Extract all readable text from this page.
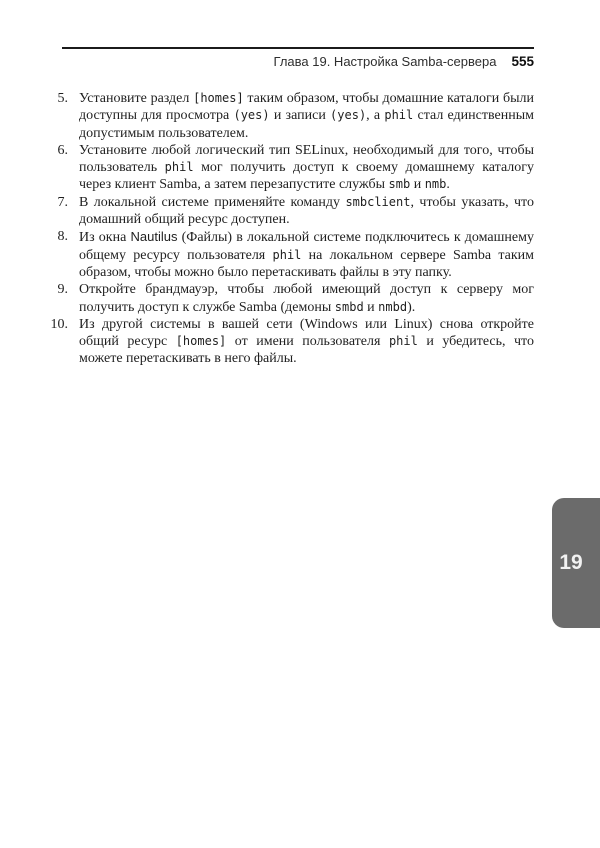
Глава 19. Настройка Samba-сервера 555
5. Установите раздел [homes] таким образом, чтобы домашние каталоги были доступны для просмотра (yes) и записи (yes), а phil стал единственным допустимым пользователем.
6. Установите любой логический тип SELinux, необходимый для того, чтобы пользователь phil мог получить доступ к своему домашнему каталогу через клиент Samba, а затем перезапустите службы smb и nmb.
7. В локальной системе применяйте команду smbclient, чтобы указать, что домашний общий ресурс доступен.
8. Из окна Nautilus (Файлы) в локальной системе подключитесь к домашнему общему ресурсу пользователя phil на локальном сервере Samba таким образом, чтобы можно было перетаскивать файлы в эту папку.
9. Откройте брандмауэр, чтобы любой имеющий доступ к серверу мог получить доступ к службе Samba (демоны smbd и nmbd).
10. Из другой системы в вашей сети (Windows или Linux) снова откройте общий ресурс [homes] от имени пользователя phil и убедитесь, что можете перетаскивать в него файлы.
19
